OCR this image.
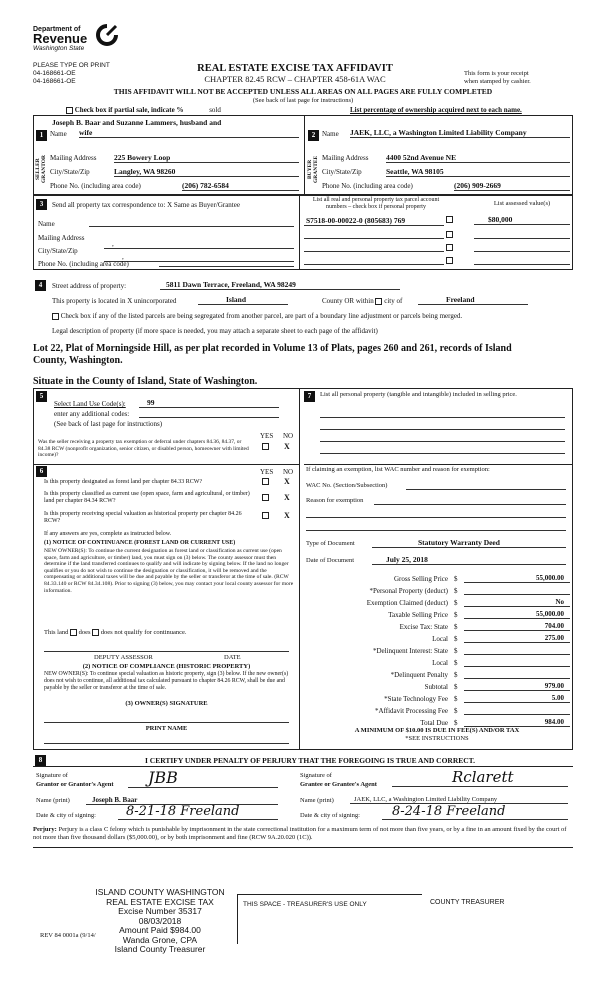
Department of
Revenue
Washington State
PLEASE TYPE OR PRINT
04-168661-OE
04-168661-OE
REAL ESTATE EXCISE TAX AFFIDAVIT
CHAPTER 82.45 RCW – CHAPTER 458-61A WAC
This form is your receipt
when stamped by cashier.
THIS AFFIDAVIT WILL NOT BE ACCEPTED UNLESS ALL AREAS ON ALL PAGES ARE FULLY COMPLETED
(See back of last page for instructions)
Check box if partial sale, indicate %	sold	List percentage of ownership acquired next to each name.
1
Joseph B. Baar and Suzanne Lammers, husband and
Name wife
SELLER GRANTOR Mailing Address 225 Bowery Loop
City/State/Zip	Langley, WA 98260
Phone No. (including area code)	(206) 782-6584
2 Name JAEK, LLC, a Washington Limited Liability Company
BUYER GRANTEE Mailing Address 4400 52nd Avenue NE
City/State/Zip	Seattle, WA 98105
Phone No. (including area code)	(206) 909-2669
3	Send all property tax correspondence to: X Same as Buyer/Grantee
Name
Mailing Address
,
City/State/Zip
,
Phone No. (including area code)
List all real and personal property tax parcel account numbers – check box if personal property	List assessed value(s)
S7518-00-00022-0 (805683) 769	$80,000
4	Street address of property:	5811 Dawn Terrace, Freeland, WA 98249
This property is located in X unincorporated	Island	County OR within city of	Freeland
Check box if any of the listed parcels are being segregated from another parcel, are part of a boundary line adjustment or parcels being merged.
Legal description of property (if more space is needed, you may attach a separate sheet to each page of the affidavit)
Lot 22, Plat of Morningside Hill, as per plat recorded in Volume 13 of Plats, pages 260 and 261, records of Island
County, Washington.
Situate in the County of Island, State of Washington.
5
Select Land Use Code(s):	99
enter any additional codes:
(See back of last page for instructions)
YES NO
Was the seller receiving a property tax exemption or deferral under chapters 84.36, 84.37, or 84.38 RCW (nonprofit organization, senior citizen, or disabled person, homeowner with limited income)?
X
6	YES NO
Is this property designated as forest land per chapter 84.33 RCW?	X
Is this property classified as current use (open space, farm and agricultural, or timber) land per chapter 84.34 RCW?	X
Is this property receiving special valuation as historical property per chapter 84.26 RCW?
X
If any answers are yes, complete as instructed below.
(1) NOTICE OF CONTINUANCE (FOREST LAND OR CURRENT USE)
NEW OWNER(S): To continue the current designation as forest land or classification as current use (open space, farm and agriculture, or timber) land, you must sign on (3) below. The county assessor must then determine if the land transferred continues to qualify and will indicate by signing below. If the land no longer qualifies or you do not wish to continue the designation or classification, it will be removed and the compensating or additional taxes will be due and payable by the seller or transferor at the time of sale. (RCW 84.33.140 or RCW 84.34.108). Prior to signing (3) below, you may contact your local county assessor for more information.
This land does does not qualify for continuance.
DEPUTY ASSESSOR	DATE
(2) NOTICE OF COMPLIANCE (HISTORIC PROPERTY)
NEW OWNER(S): To continue special valuation as historic property, sign (3) below. If the new owner(s) does not wish to continue, all additional tax calculated pursuant to chapter 84.26 RCW, shall be due and payable by the seller or transferor at the time of sale.
(3) OWNER(S) SIGNATURE
PRINT NAME
7	List all personal property (tangible and intangible) included in selling price.
If claiming an exemption, list WAC number and reason for exemption:
WAC No. (Section/Subsection)
Reason for exemption
Type of Document	Statutory Warranty Deed
Date of Document	July 25, 2018
Gross Selling Price $	55,000.00
*Personal Property (deduct) $
Exemption Claimed (deduct) $	No
Taxable Selling Price $	55,000.00
Excise Tax: State $	704.00
Local $	275.00
*Delinquent Interest: State $
Local $
*Delinquent Penalty $
Subtotal $	979.00
*State Technology Fee $	5.00
*Affidavit Processing Fee $
Total Due $	984.00
A MINIMUM OF $10.00 IS DUE IN FEE(S) AND/OR TAX
*SEE INSTRUCTIONS
8	I CERTIFY UNDER PENALTY OF PERJURY THAT THE FOREGOING IS TRUE AND CORRECT.
Signature of
Grantor or Grantor's Agent	JBB
Name (print)	Joseph B. Baar
Date & city of signing:	8-21-18 Freeland
Signature of
Grantee or Grantee's Agent	Rclarett
Name (print)	JAEK, LLC, a Washington Limited Liability Company
Date & city of signing:	8-24-18 Freeland
Perjury: Perjury is a class C felony which is punishable by imprisonment in the state correctional institution for a maximum term of not more than five years, or by a fine in an amount fixed by the court of not more than five thousand dollars ($5,000.00), or by both imprisonment and fine (RCW 9A.20.020 (1C)).
ISLAND COUNTY WASHINGTON
REAL ESTATE EXCISE TAX
Excise Number 35317
08/03/2018
Amount Paid $984.00
Wanda Grone, CPA
Island County Treasurer
REV 84 0001a (9/14/
THIS SPACE - TREASURER'S USE ONLY	COUNTY TREASURER
